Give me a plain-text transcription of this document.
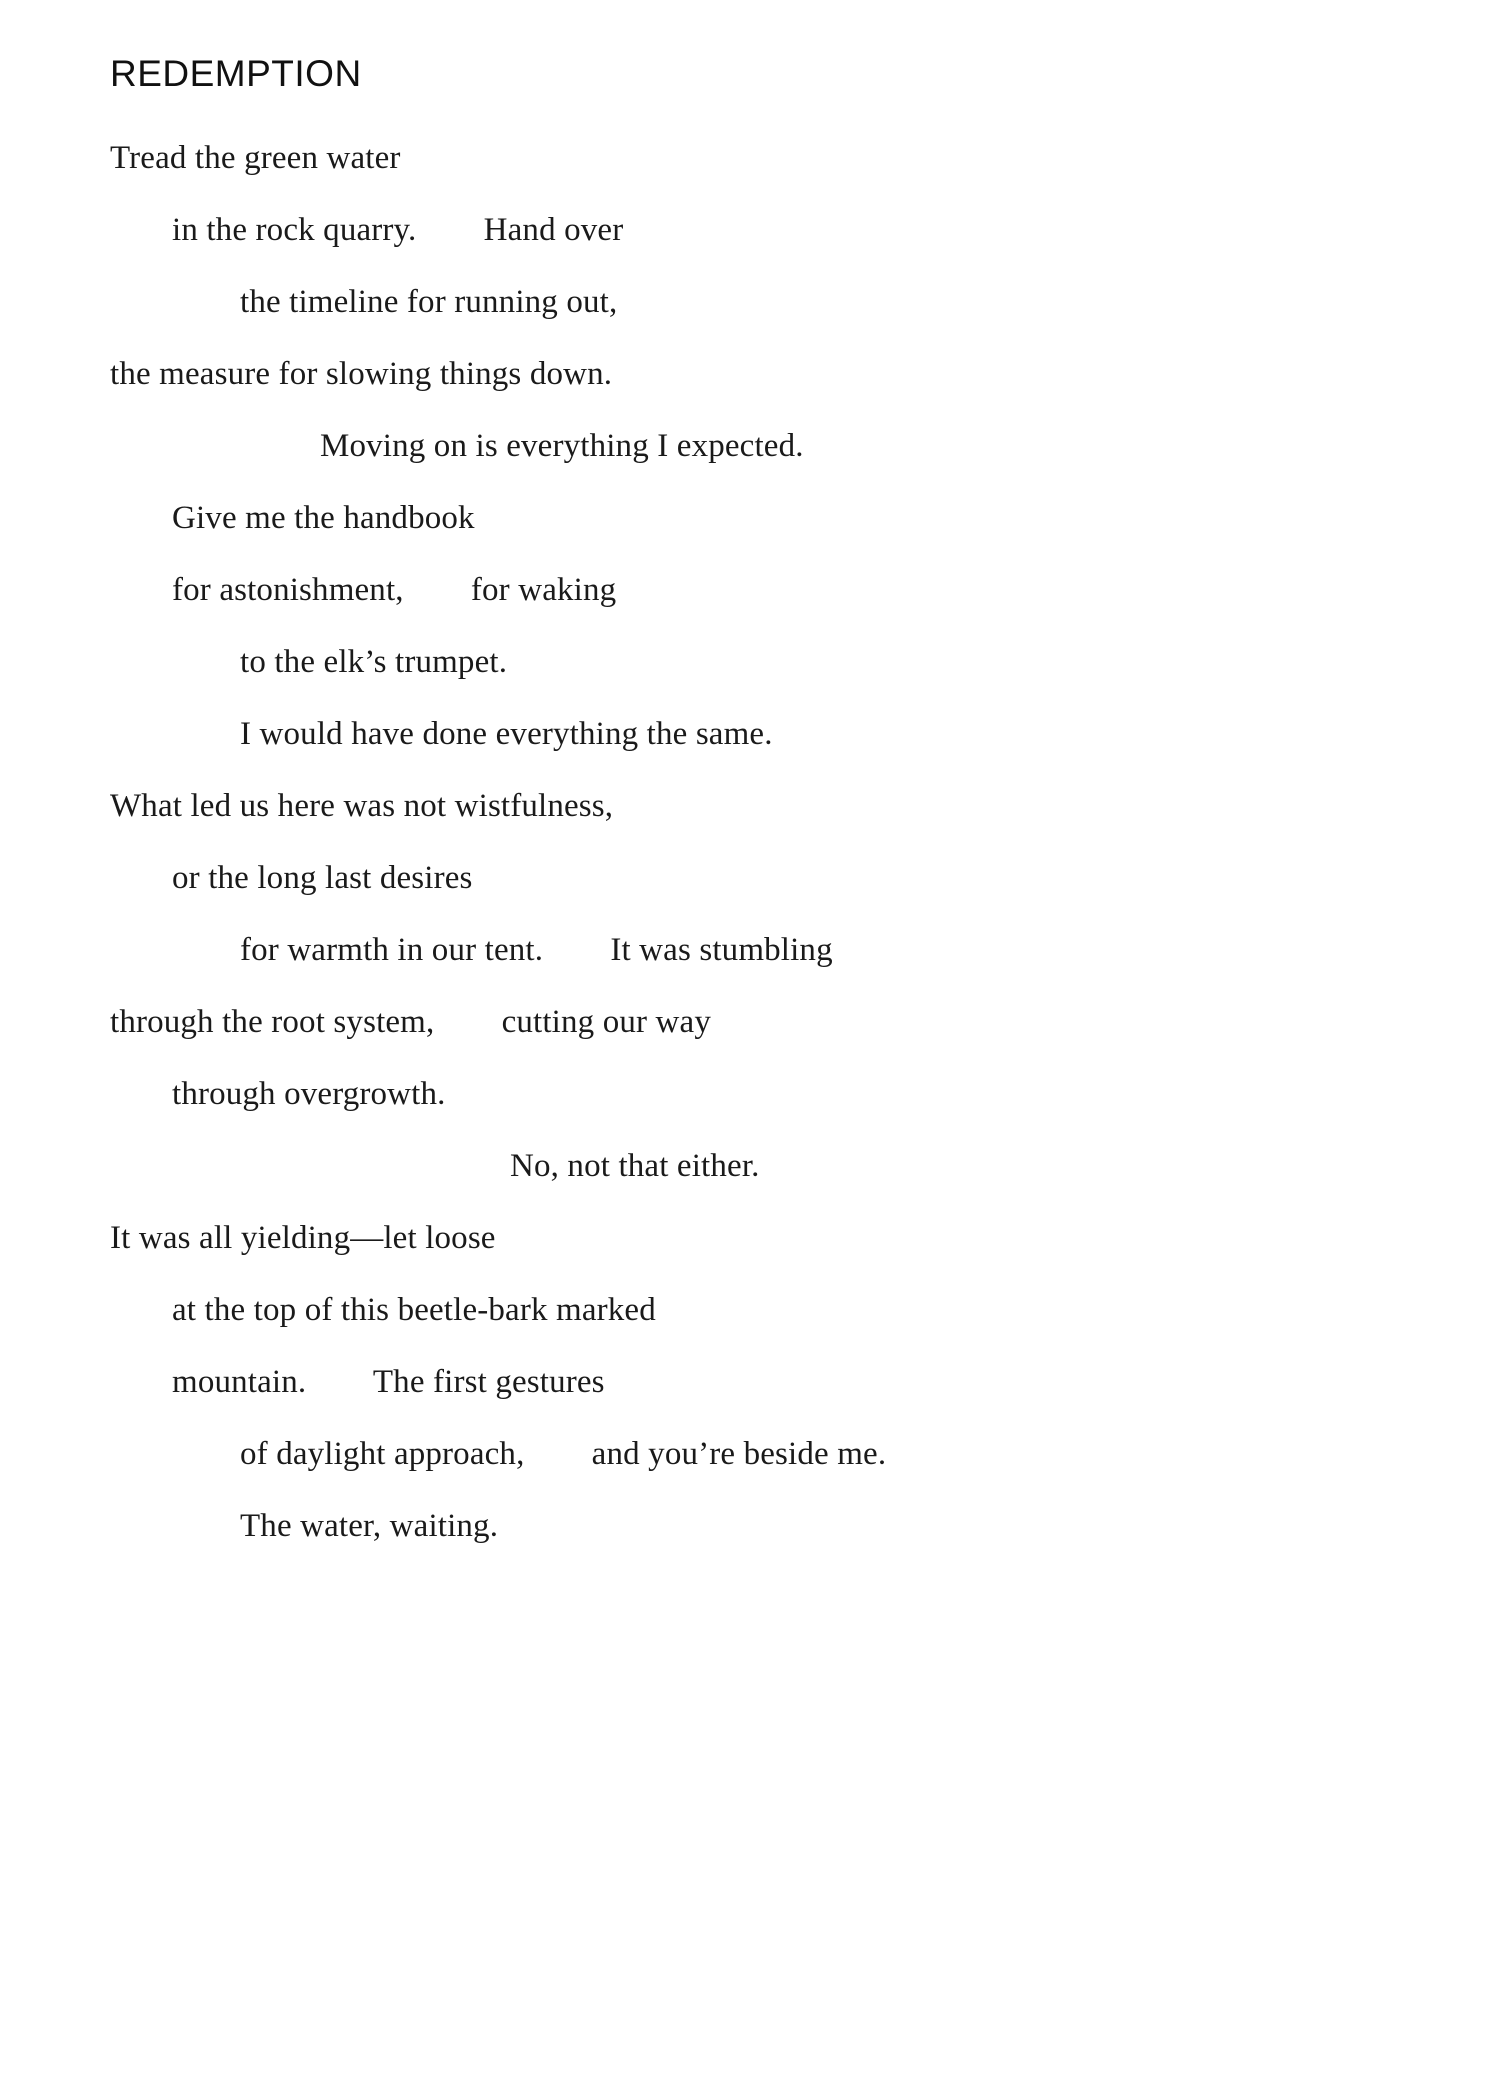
REDEMPTION
Tread the green water
in the rock quarry.        Hand over
the timeline for running out,
the measure for slowing things down.
Moving on is everything I expected.
Give me the handbook
for astonishment,        for waking
to the elk’s trumpet.
I would have done everything the same.
What led us here was not wistfulness,
or the long last desires
for warmth in our tent.        It was stumbling
through the root system,        cutting our way
through overgrowth.
No, not that either.
It was all yielding—let loose
at the top of this beetle-bark marked
mountain.        The first gestures
of daylight approach,        and you’re beside me.
The water, waiting.
